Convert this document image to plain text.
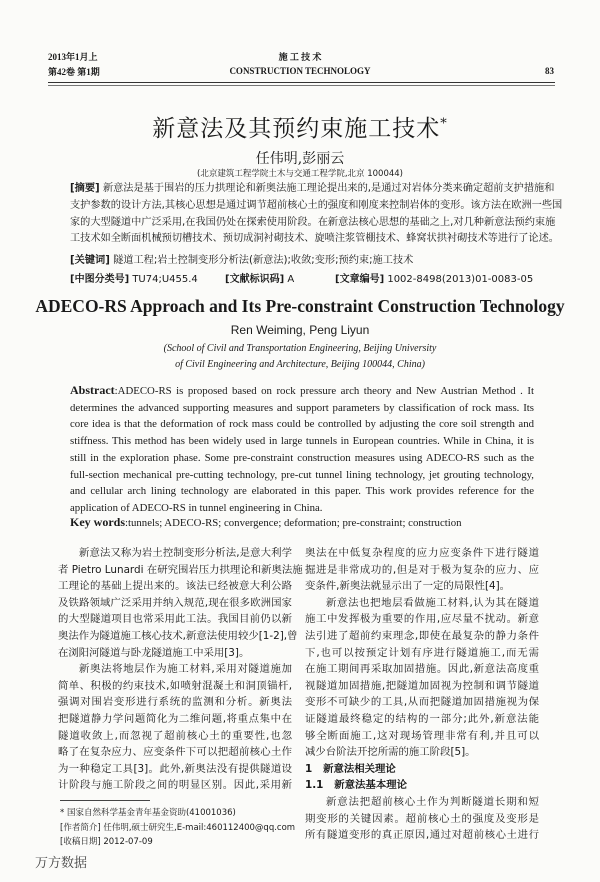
2013年1月上
第42卷 第1期
施 工 技 术
CONSTRUCTION TECHNOLOGY	83
新意法及其预约束施工技术*
任伟明,彭丽云
(北京建筑工程学院土木与交通工程学院,北京 100044)
[摘要] 新意法是基于围岩的压力拱理论和新奥法施工理论提出来的,是通过对岩体分类来确定超前支护措施和
支护参数的设计方法,其核心思想是通过调节超前核心土的强度和刚度来控制岩体的变形。该方法在欧洲一些国
家的大型隧道中广泛采用,在我国仍处在探索使用阶段。在新意法核心思想的基础之上,对几种新意法预约束施
工技术如全断面机械预切槽技术、预切成洞衬砌技术、旋喷注浆管棚技术、蜂窝状拱衬砌技术等进行了论述。
[关键词] 隧道工程;岩土控制变形分析法(新意法);收敛;变形;预约束;施工技术
[中图分类号] TU74;U455.4	[文献标识码] A	[文章编号] 1002-8498(2013)01-0083-05
ADECO-RS Approach and Its Pre-constraint Construction Technology
Ren Weiming, Peng Liyun
(School of Civil and Transportation Engineering, Beijing University
of Civil Engineering and Architecture, Beijing 100044, China)
Abstract:ADECO-RS is proposed based on rock pressure arch theory and New Austrian Method . It
determines the advanced supporting measures and support parameters by classification of rock mass. Its
core idea is that the deformation of rock mass could be controlled by adjusting the core soil strength and
stiffness. This method has been widely used in large tunnels in European countries. While in China, it is
still in the exploration phase. Some pre-constraint construction measures using ADECO-RS such as the
full-section mechanical pre-cutting technology, pre-cut tunnel lining technology, jet grouting technology,
and cellular arch lining technology are elaborated in this paper. This work provides reference for the
application of ADECO-RS in tunnel engineering in China.
Key words:tunnels; ADECO-RS; convergence; deformation; pre-constraint; construction
新意法又称为岩土控制变形分析法,是意大利学
者 Pietro Lunardi 在研究围岩压力拱理论和新奥法施
工理论的基础上提出来的。该法已经被意大利公路
及铁路领域广泛采用并纳入规范,现在很多欧洲国家
的大型隧道项目也常采用此工法。我国目前仍以新
奥法作为隧道施工核心技术,新意法使用较少[1-2],曾
在浏阳河隧道与卧龙隧道施工中采用[3]。
新奥法将地层作为施工材料,采用对隧道施加
简单、积极的约束技术,如喷射混凝土和洞顶锚杆,
强调对围岩变形进行系统的监测和分析。新奥法
把隧道静力学问题简化为二维问题,将重点集中在
隧道收敛上,而忽视了超前核心土的重要性,也忽
略了在复杂应力、应变条件下可以把超前核心土作
为一种稳定工具[3]。此外,新奥法没有提供隧道设
计阶段与施工阶段之间的明显区别。因此,采用新
奥法在中低复杂程度的应力应变条件下进行隧道
掘进是非常成功的,但是对于极为复杂的应力、应
变条件,新奥法就显示出了一定的局限性[4]。
新意法也把地层看做施工材料,认为其在隧道
施工中发挥极为重要的作用,应尽量不扰动。新意
法引进了超前约束理念,即使在最复杂的静力条件
下,也可以按预定计划有序进行隧道施工,而无需
在施工期间再采取加固措施。因此,新意法高度重
视隧道加固措施,把隧道加固视为控制和调节隧道
变形不可缺少的工具,从而把隧道加固措施视为保
证隧道最终稳定的结构的一部分;此外,新意法能
够全断面施工,这对现场管理非常有利,并且可以
减少台阶法开挖所需的施工阶段[5]。
1   新意法相关理论
1.1   新意法基本理论
新意法把超前核心土作为判断隧道长期和短
期变形的关键因素。超前核心土的强度及变形是
所有隧道变形的真正原因,通过对超前核心土进行
* 国家自然科学基金青年基金资助(41001036)
[作者简介] 任伟明,硕士研究生,E-mail:460112400@qq.com
[收稿日期] 2012-07-09
万方数据
